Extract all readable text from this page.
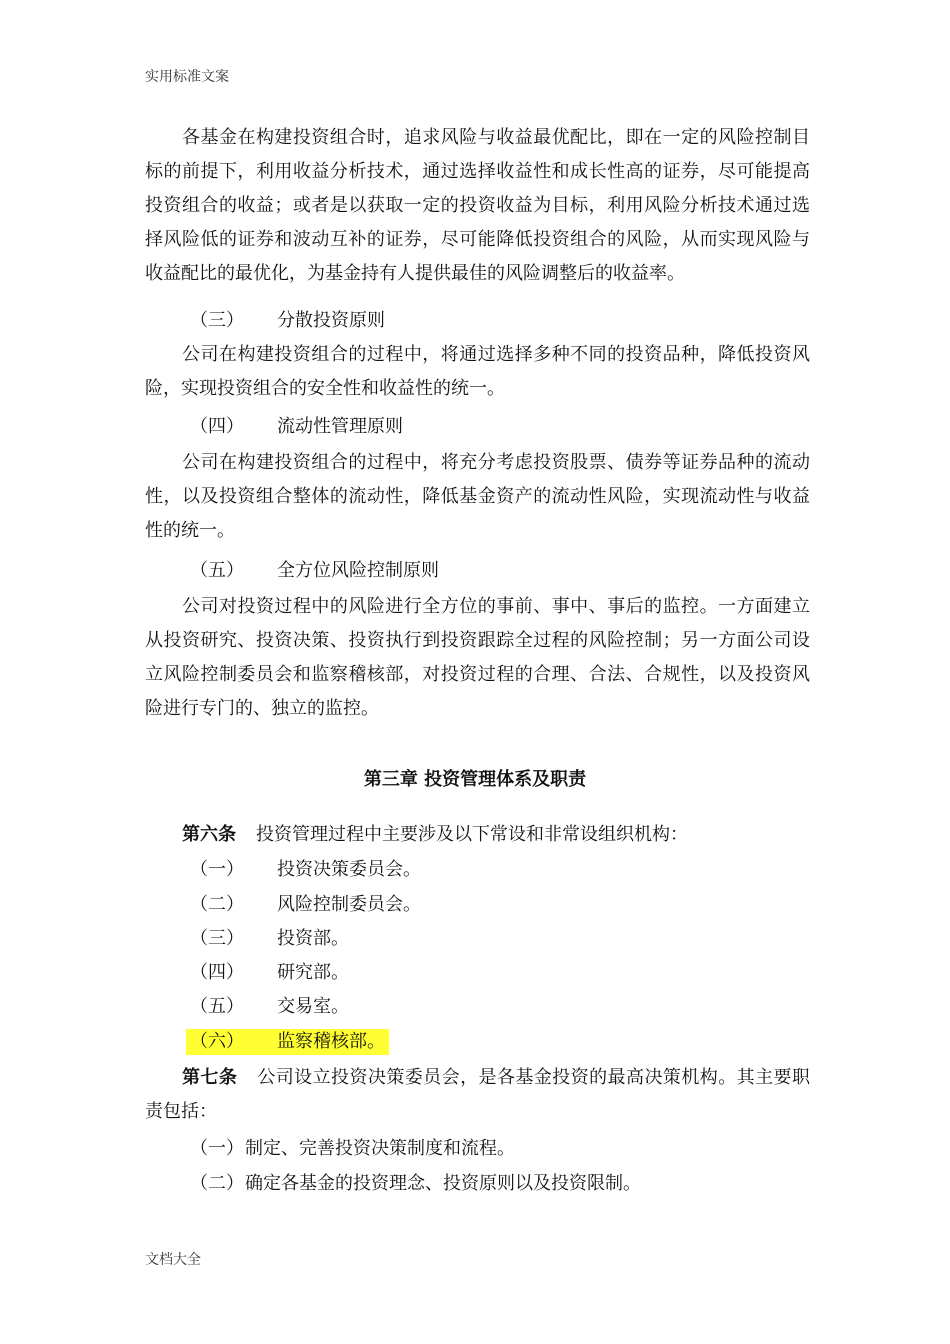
实用标准文案

各基金在构建投资组合时，追求风险与收益最优配比，即在一定的风险控制目标的前提下，利用收益分析技术，通过选择收益性和成长性高的证券，尽可能提高投资组合的收益；或者是以获取一定的投资收益为目标，利用风险分析技术通过选择风险低的证券和波动互补的证券，尽可能降低投资组合的风险，从而实现风险与收益配比的最优化，为基金持有人提供最佳的风险调整后的收益率。

（三） 分散投资原则

公司在构建投资组合的过程中，将通过选择多种不同的投资品种，降低投资风险，实现投资组合的安全性和收益性的统一。

（四） 流动性管理原则

公司在构建投资组合的过程中，将充分考虑投资股票、债券等证券品种的流动性，以及投资组合整体的流动性，降低基金资产的流动性风险，实现流动性与收益性的统一。

（五） 全方位风险控制原则

公司对投资过程中的风险进行全方位的事前、事中、事后的监控。一方面建立从投资研究、投资决策、投资执行到投资跟踪全过程的风险控制；另一方面公司设立风险控制委员会和监察稽核部，对投资过程的合理、合法、合规性，以及投资风险进行专门的、独立的监控。

第三章 投资管理体系及职责

第六条 投资管理过程中主要涉及以下常设和非常设组织机构：

（一） 投资决策委员会。
（二） 风险控制委员会。
（三） 投资部。
（四） 研究部。
（五） 交易室。
（六） 监察稽核部。

第七条 公司设立投资决策委员会，是各基金投资的最高决策机构。其主要职责包括：

（一）制定、完善投资决策制度和流程。
（二）确定各基金的投资理念、投资原则以及投资限制。
文档大全
